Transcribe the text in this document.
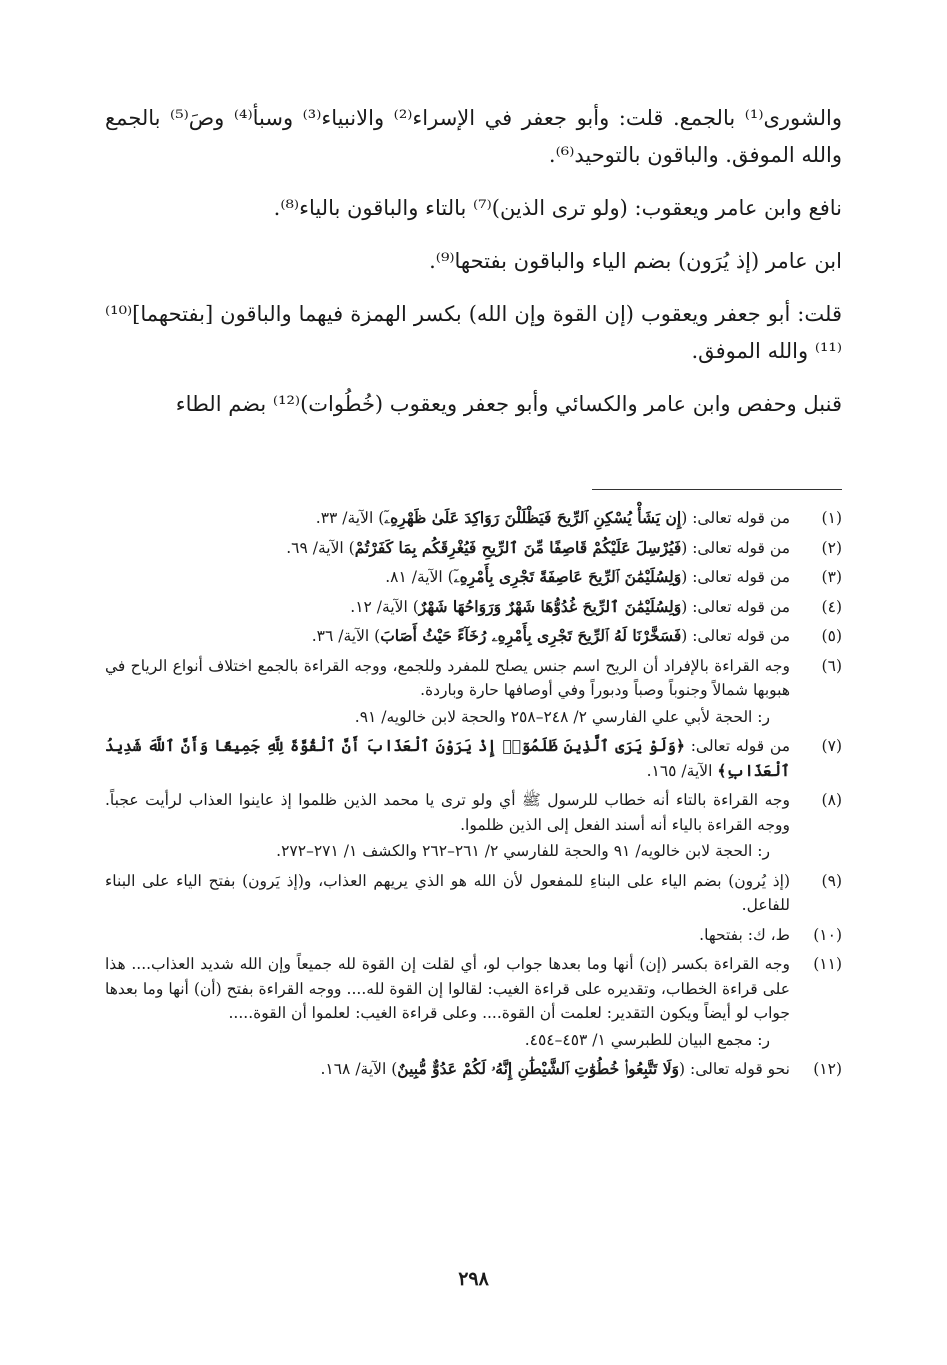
والشورى⁽¹⁾ بالجمع. قلت: وأبو جعفر في الإسراء⁽²⁾ والانبياء⁽³⁾ وسبأ⁽⁴⁾ وصَ⁽⁵⁾ بالجمع والله الموفق. والباقون بالتوحيد⁽⁶⁾.

نافع وابن عامر ويعقوب: (ولو ترى الذين)⁽⁷⁾ بالتاء والباقون بالياء⁽⁸⁾.

ابن عامر (إذ يُرَون) بضم الياء والباقون بفتحها⁽⁹⁾.

قلت: أبو جعفر ويعقوب (إن القوة وإن الله) بكسر الهمزة فيهما والباقون [بفتحهما]⁽¹⁰⁾ ⁽¹¹⁾ والله الموفق.

قنبل وحفص وابن عامر والكسائي وأبو جعفر ويعقوب (خُطُوات)⁽¹²⁾ بضم الطاء

(١)
من قوله تعالى: (إِن يَشَأْ يُسْكِنِ ٱلرِّيحَ فَيَظْلَلْنَ رَوَاكِدَ عَلَىٰ ظَهْرِهِۦٓ) الآية/ ٣٣.
(٢)
من قوله تعالى: (فَيُرْسِلَ عَلَيْكُمْ قَاصِفًا مِّنَ ٱلرِّيحِ فَيُغْرِقَكُم بِمَا كَفَرْتُمْ) الآية/ ٦٩.
(٣)
من قوله تعالى: (وَلِسُلَيْمَٰنَ ٱلرِّيحَ عَاصِفَةً تَجْرِى بِأَمْرِهِۦٓ) الآية/ ٨١.
(٤)
من قوله تعالى: (وَلِسُلَيْمَٰنَ ٱلرِّيحَ غُدُوُّهَا شَهْرٌ وَرَوَاحُهَا شَهْرٌ) الآية/ ١٢.
(٥)
من قوله تعالى: (فَسَخَّرْنَا لَهُ ٱلرِّيحَ تَجْرِى بِأَمْرِهِۦ رُخَآءً حَيْثُ أَصَابَ) الآية/ ٣٦.
(٦)
وجه القراءة بالإفراد أن الريح اسم جنس يصلح للمفرد وللجمع، ووجه القراءة بالجمع اختلاف أنواع الرياح في هبوبها شمالاً وجنوباً وصباً ودبوراً وفي أوصافها حارة وباردة.
ر: الحجة لأبي علي الفارسي ٢/ ٢٤٨–٢٥٨ والحجة لابن خالويه/ ٩١.
(٧)
من قوله تعالى: ﴿وَلَوْ يَرَى ٱلَّذِينَ ظَلَمُوٓا۟ إِذْ يَرَوْنَ ٱلْعَذَابَ أَنَّ ٱلْقُوَّةَ لِلَّهِ جَمِيعًا وَأَنَّ ٱللَّهَ شَدِيدُ ٱلْعَذَابِ﴾ الآية/ ١٦٥.
(٨)
وجه القراءة بالتاء أنه خطاب للرسول ﷺ أي ولو ترى يا محمد الذين ظلموا إذ عاينوا العذاب لرأيت عجباً. ووجه القراءة بالياء أنه أسند الفعل إلى الذين ظلموا.
ر: الحجة لابن خالويه/ ٩١ والحجة للفارسي ٢/ ٢٦١–٢٦٢ والكشف ١/ ٢٧١–٢٧٢.
(٩)
(إذ يُرون) بضم الياء على البناءِ للمفعول لأن الله هو الذي يريهم العذاب، و(إذ يَرون) بفتح الياء على البناء للفاعل.
(١٠)
ط، ك: بفتحها.
(١١)
وجه القراءة بكسر (إن) أنها وما بعدها جواب لو، أي لقلت إن القوة لله جميعاً وإن الله شديد العذاب.... هذا على قراءة الخطاب، وتقديره على قراءة الغيب: لقالوا إن القوة لله.... ووجه القراءة بفتح (أن) أنها وما بعدها جواب لو أيضاً ويكون التقدير: لعلمت أن القوة.... وعلى قراءة الغيب: لعلموا أن القوة.....
ر: مجمع البيان للطبرسي ١/ ٤٥٣–٤٥٤.
(١٢)
نحو قوله تعالى: (وَلَا تَتَّبِعُوا۟ خُطُوَٰتِ ٱلشَّيْطَٰنِ إِنَّهُۥ لَكُمْ عَدُوٌّ مُّبِينٌ) الآية/ ١٦٨.
٢٩٨
